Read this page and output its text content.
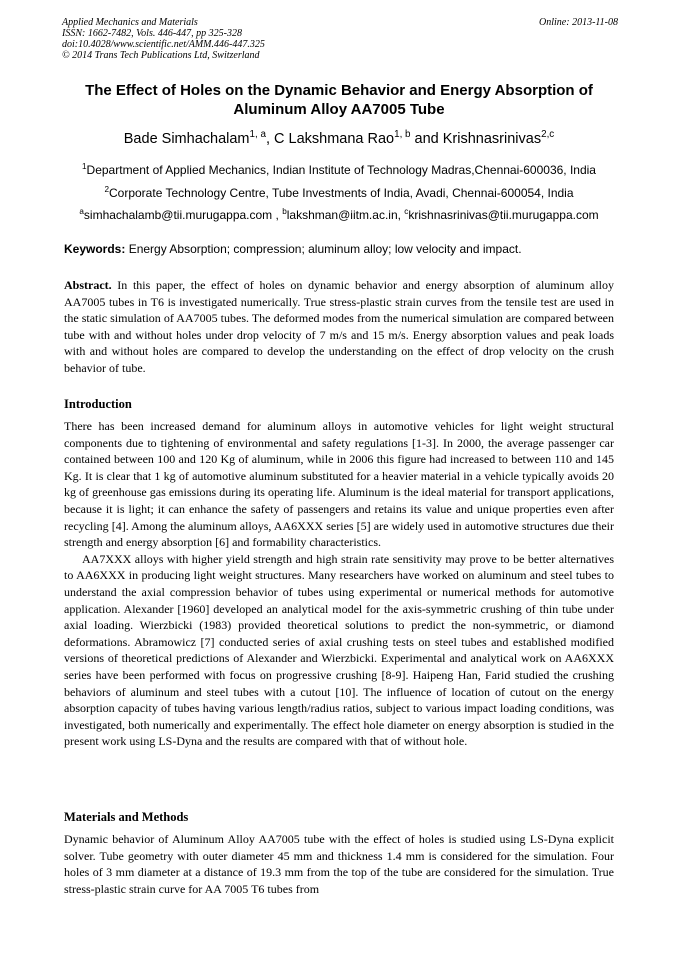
Applied Mechanics and Materials
ISSN: 1662-7482, Vols. 446-447, pp 325-328
doi:10.4028/www.scientific.net/AMM.446-447.325
© 2014 Trans Tech Publications Ltd, Switzerland
Online: 2013-11-08
The Effect of Holes on the Dynamic Behavior and Energy Absorption of Aluminum Alloy AA7005 Tube
Bade Simhachalam$^{1, a}$, C Lakshmana Rao$^{1, b}$ and Krishnasrinivas$^{2,c}$
$^1$Department of Applied Mechanics, Indian Institute of Technology Madras,Chennai-600036, India
$^2$Corporate Technology Centre, Tube Investments of India, Avadi, Chennai-600054, India
$^a$simhachalamb@tii.murugappa.com , $^b$lakshman@iitm.ac.in, $^c$krishnasrinivas@tii.murugappa.com
Keywords: Energy Absorption; compression; aluminum alloy; low velocity and impact.

Abstract. In this paper, the effect of holes on dynamic behavior and energy absorption of aluminum alloy AA7005 tubes in T6 is investigated numerically. True stress-plastic strain curves from the tensile test are used in the static simulation of AA7005 tubes. The deformed modes from the numerical simulation are compared between tube with and without holes under drop velocity of 7 m/s and 15 m/s. Energy absorption values and peak loads with and without holes are compared to develop the understanding on the effect of drop velocity on the crush behavior of tube.

Introduction

There has been increased demand for aluminum alloys in automotive vehicles for light weight structural components due to tightening of environmental and safety regulations [1-3]. In 2000, the average passenger car contained between 100 and 120 Kg of aluminum, while in 2006 this figure had increased to between 110 and 145 Kg. It is clear that 1 kg of automotive aluminum substituted for a heavier material in a vehicle typically avoids 20 kg of greenhouse gas emissions during its operating life. Aluminum is the ideal material for transport applications, because it is light; it can enhance the safety of passengers and retains its value and unique properties even after recycling [4]. Among the aluminum alloys, AA6XXX series [5] are widely used in automotive structures due their strength and energy absorption [6] and formability characteristics.

AA7XXX alloys with higher yield strength and high strain rate sensitivity may prove to be better alternatives to AA6XXX in producing light weight structures. Many researchers have worked on aluminum and steel tubes to understand the axial compression behavior of tubes using experimental or numerical methods for automotive application. Alexander [1960] developed an analytical model for the axis-symmetric crushing of thin tube under axial loading. Wierzbicki (1983) provided theoretical solutions to predict the non-symmetric, or diamond deformations. Abramowicz [7] conducted series of axial crushing tests on steel tubes and established modified versions of theoretical predictions of Alexander and Wierzbicki. Experimental and analytical work on AA6XXX series have been performed with focus on progressive crushing [8-9]. Haipeng Han, Farid studied the crushing behaviors of aluminum and steel tubes with a cutout [10]. The influence of location of cutout on the energy absorption capacity of tubes having various length/radius ratios, subject to various impact loading conditions, was investigated, both numerically and experimentally. The effect hole diameter on energy absorption is studied in the present work using LS-Dyna and the results are compared with that of without hole.

Materials and Methods

Dynamic behavior of Aluminum Alloy AA7005 tube with the effect of holes is studied using LS-Dyna explicit solver. Tube geometry with outer diameter 45 mm and thickness 1.4 mm is considered for the simulation. Four holes of 3 mm diameter at a distance of 19.3 mm from the top of the tube are considered for the simulation. True stress-plastic strain curve for AA 7005 T6 tubes from
